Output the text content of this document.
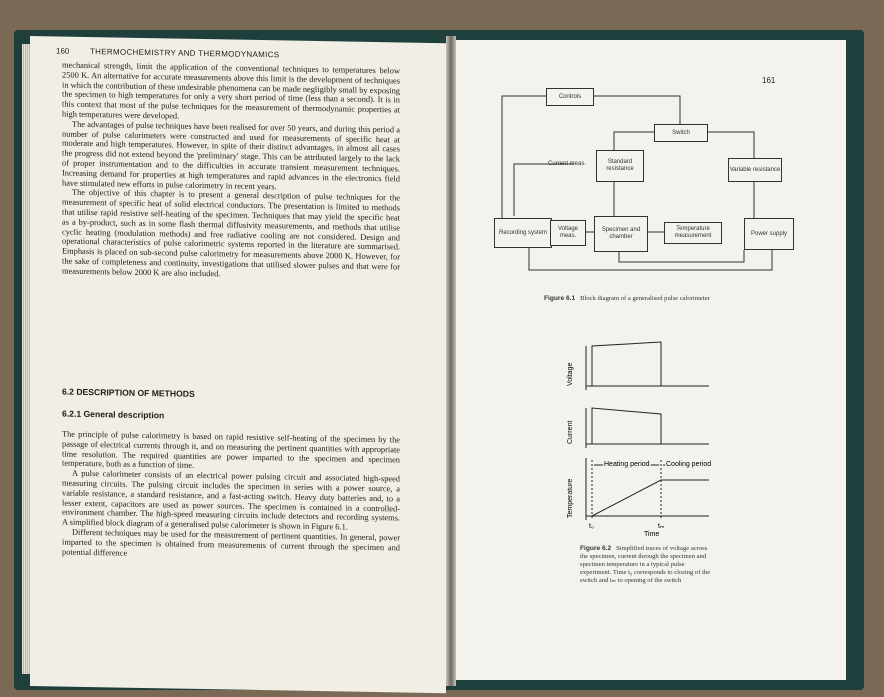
160	THERMOCHEMISTRY AND THERMODYNAMICS

mechanical strength, limit the application of the conventional techniques to temperatures below 2500 K. An alternative for accurate measurements above this limit is the development of techniques in which the contribution of these undesirable phenomena can be made negligibly small by exposing the specimen to high temperatures for only a very short period of time (less than a second). It is in this context that most of the pulse techniques for the measurement of thermodynamic properties at high temperatures were developed.

The advantages of pulse techniques have been realised for over 50 years, and during this period a number of pulse calorimeters were constructed and used for measurements of specific heat at moderate and high temperatures. However, in spite of their distinct advantages, in almost all cases the progress did not extend beyond the 'preliminary' stage. This can be attributed largely to the lack of proper instrumentation and to the difficulties in accurate transient measurement techniques. Increasing demand for properties at high temperatures and rapid advances in the electronics field have stimulated new efforts in pulse calorimetry in recent years.

The objective of this chapter is to present a general description of pulse techniques for the measurement of specific heat of solid electrical conductors. The presentation is limited to methods that utilise rapid resistive self-heating of the specimen. Techniques that may yield the specific heat as a by-product, such as in some flash thermal diffusivity measurements, and methods that utilise cyclic heating (modulation methods) and free radiative cooling are not considered. Design and operational characteristics of pulse calorimetric systems reported in the literature are summarised. Emphasis is placed on sub-second pulse calorimetry for measurements above 2000 K. However, for the sake of completeness and continuity, investigations that utilised slower pulses and that were for measurements below 2000 K are also included.

6.2 DESCRIPTION OF METHODS
6.2.1 General description

The principle of pulse calorimetry is based on rapid resistive self-heating of the specimen by the passage of electrical currents through it, and on measuring the pertinent quantities with appropriate time resolution. The required quantities are power imparted to the specimen and specimen temperature, both as a function of time.

A pulse calorimeter consists of an electrical power pulsing circuit and associated high-speed measuring circuits. The pulsing circuit includes the specimen in series with a power source, a variable resistance, a standard resistance, and a fast-acting switch. Heavy duty batteries and, to a lesser extent, capacitors are used as power sources. The specimen is contained in a controlled-environment chamber. The high-speed measuring circuits include detectors and recording systems. A simplified block diagram of a generalised pulse calorimeter is shown in Figure 6.1.

Different techniques may be used for the measurement of pertinent quantities. In general, power imparted to the specimen is obtained from measurements of current through the specimen and potential difference

161
Controls
Switch
Current meas.	Standard resistance	Variable resistance
Recording system
Voltage meas.
Specimen and chamber
Temperature measurement	Power supply
Figure 6.1 Block diagram of a generalised pulse calorimeter
Voltage
Current
Temperature
Heating period Cooling period
t₀	tₘ
Time
Figure 6.2 Simplified traces of voltage across the specimen, current through the specimen and specimen temperature in a typical pulse experiment. Time t₀ corresponds to closing of the switch and tₘ to opening of the switch
